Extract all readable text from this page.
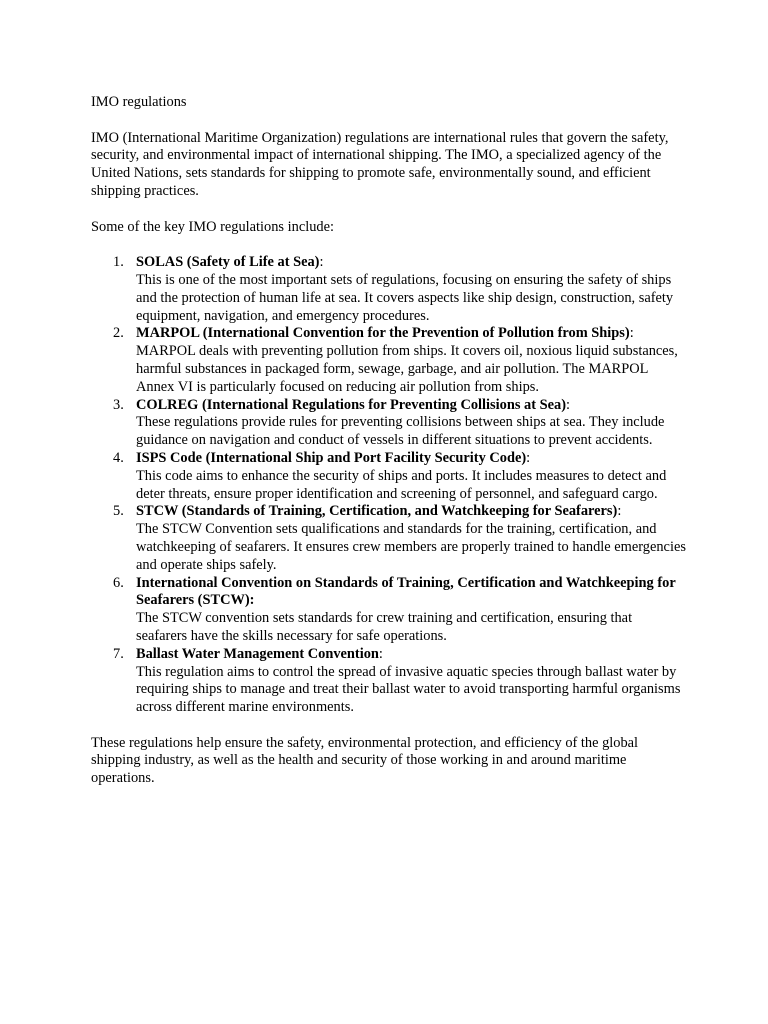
IMO regulations

IMO (International Maritime Organization) regulations are international rules that govern the safety, security, and environmental impact of international shipping. The IMO, a specialized agency of the United Nations, sets standards for shipping to promote safe, environmentally sound, and efficient shipping practices.

Some of the key IMO regulations include:

1. SOLAS (Safety of Life at Sea):
This is one of the most important sets of regulations, focusing on ensuring the safety of ships and the protection of human life at sea. It covers aspects like ship design, construction, safety equipment, navigation, and emergency procedures.
2. MARPOL (International Convention for the Prevention of Pollution from Ships):
MARPOL deals with preventing pollution from ships. It covers oil, noxious liquid substances, harmful substances in packaged form, sewage, garbage, and air pollution. The MARPOL Annex VI is particularly focused on reducing air pollution from ships.
3. COLREG (International Regulations for Preventing Collisions at Sea):
These regulations provide rules for preventing collisions between ships at sea. They include guidance on navigation and conduct of vessels in different situations to prevent accidents.
4. ISPS Code (International Ship and Port Facility Security Code):
This code aims to enhance the security of ships and ports. It includes measures to detect and deter threats, ensure proper identification and screening of personnel, and safeguard cargo.
5. STCW (Standards of Training, Certification, and Watchkeeping for Seafarers):
The STCW Convention sets qualifications and standards for the training, certification, and watchkeeping of seafarers. It ensures crew members are properly trained to handle emergencies and operate ships safely.
6. International Convention on Standards of Training, Certification and Watchkeeping for Seafarers (STCW):
The STCW convention sets standards for crew training and certification, ensuring that seafarers have the skills necessary for safe operations.
7. Ballast Water Management Convention:
This regulation aims to control the spread of invasive aquatic species through ballast water by requiring ships to manage and treat their ballast water to avoid transporting harmful organisms across different marine environments.

These regulations help ensure the safety, environmental protection, and efficiency of the global shipping industry, as well as the health and security of those working in and around maritime operations.
